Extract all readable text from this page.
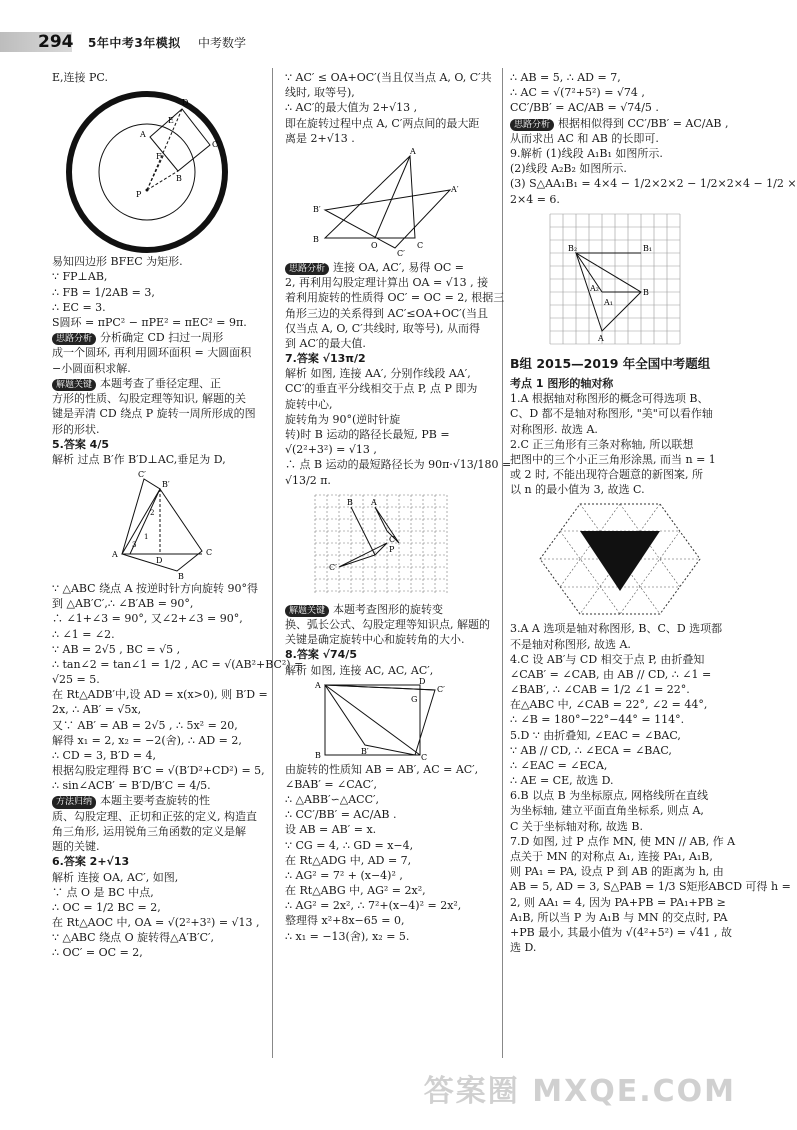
294 5年中考3年模拟 中考数学

E,连接 PC.

P
A
D
C
B
F
E

易知四边形 BFEC 为矩形.

∵ FP⊥AB,

∴ FB = 1/2AB = 3,

∴ EC = 3.

S圆环 = πPC² − πPE² = πEC² = 9π.

思路分析 分析确定 CD 扫过一周形

成一个圆环, 再利用圆环面积 = 大圆面积

−小圆面积求解.

解题关键 本题考查了垂径定理、正

方形的性质、勾股定理等知识, 解题的关

键是弄清 CD 绕点 P 旋转一周所形成的图

形的形状.

5.答案 4/5

解析 过点 B′作 B′D⊥AC,垂足为 D,

A
C′
B′
C
D
B
3
2
1

∵ △ABC 绕点 A 按逆时针方向旋转 90°得

到 △AB′C′,∴ ∠B′AB = 90°,

∴ ∠1+∠3 = 90°, 又∠2+∠3 = 90°,

∴ ∠1 = ∠2.

∵ AB = 2√5 , BC = √5 ,

∴ tan∠2 = tan∠1 = 1/2 , AC = √(AB²+BC²) =

√25 = 5.

在 Rt△ADB′中,设 AD = x(x>0), 则 B′D =

2x, ∴ AB′ = √5x,

又∵ AB′ = AB = 2√5 , ∴ 5x² = 20,

解得 x₁ = 2, x₂ = −2(舍), ∴ AD = 2,

∴ CD = 3, B′D = 4,

根据勾股定理得 B′C = √(B′D²+CD²) = 5,

∴ sin∠ACB′ = B′D/B′C = 4/5.

方法归纳 本题主要考查旋转的性

质、勾股定理、正切和正弦的定义, 构造直

角三角形, 运用锐角三角函数的定义是解

题的关键.

6.答案 2+√13

解析 连接 OA, AC′, 如图,

∵ 点 O 是 BC 中点,

∴ OC = 1/2 BC = 2,

在 Rt△AOC 中, OA = √(2²+3²) = √13 ,

∵ △ABC 绕点 O 旋转得△A′B′C′,

∴ OC′ = OC = 2,

∵ AC′ ≤ OA+OC′(当且仅当点 A, O, C′共

线时, 取等号),

∴ AC′的最大值为 2+√13 ,

即在旋转过程中点 A, C′两点间的最大距

离是 2+√13 .

A
B
O	C
A′
B′
C′

思路分析 连接 OA, AC′, 易得 OC =

2, 再利用勾股定理计算出 OA = √13 , 接

着利用旋转的性质得 OC′ = OC = 2, 根据三

角形三边的关系得到 AC′≤OA+OC′(当且

仅当点 A, O, C′共线时, 取等号), 从而得

到 AC′的最大值.

7.答案 √13π/2

解析 如图, 连接 AA′, 分别作线段 AA′,

CC′的垂直平分线相交于点 P, 点 P 即为

旋转中心,

旋转角为 90°(逆时针旋

转)时 B 运动的路径长最短, PB =

√(2²+3²) = √13 ,

∴ 点 B 运动的最短路径长为 90π·√13/180 =

√13/2 π.

B A
C
C′
P

解题关键 本题考查图形的旋转变

换、弧长公式、勾股定理等知识点, 解题的

关键是确定旋转中心和旋转角的大小.

8.答案 √74/5

解析 如图, 连接 AC, AC, AC′,

A	D
C′
B	C
B′
G

由旋转的性质知 AB = AB′, AC = AC′,

∠BAB′ = ∠CAC′,

∴ △ABB′∽△ACC′,

∴ CC′/BB′ = AC/AB .

设 AB = AB′ = x.

∵ CG = 4, ∴ GD = x−4,

在 Rt△ADG 中, AD = 7,

∴ AG² = 7² + (x−4)² ,

在 Rt△ABG 中, AG² = 2x²,

∴ AG² = 2x², ∴ 7²+(x−4)² = 2x²,

整理得 x²+8x−65 = 0,

∴ x₁ = −13(舍), x₂ = 5.

∴ AB = 5, ∴ AD = 7,

∴ AC = √(7²+5²) = √74 ,

CC′/BB′ = AC/AB = √74/5 .

思路分析 根据相似得到 CC′/BB′ = AC/AB ,

从而求出 AC 和 AB 的长即可.

9.解析 (1)线段 A₁B₁ 如图所示.

(2)线段 A₂B₂ 如图所示.

(3) S△AA₁B₁ = 4×4 − 1/2×2×2 − 1/2×2×4 − 1/2 ×

2×4 = 6.

B₂	B₁
A₂
A₁
B
A

B组 2015—2019 年全国中考题组

考点 1 图形的轴对称

1.A 根据轴对称图形的概念可得选项 B、

C、D 都不是轴对称图形, "美"可以看作轴

对称图形. 故选 A.

2.C 正三角形有三条对称轴, 所以联想

把图中的三个小正三角形涂黑, 而当 n = 1

或 2 时, 不能出现符合题意的新图案, 所

以 n 的最小值为 3, 故选 C.

3.A A 选项是轴对称图形, B、C、D 选项都

不是轴对称图形, 故选 A.

4.C 设 AB′与 CD 相交于点 P, 由折叠知

∠CAB′ = ∠CAB, 由 AB // CD, ∴ ∠1 =

∠BAB′, ∴ ∠CAB = 1/2 ∠1 = 22°.

在△ABC 中, ∠CAB = 22°, ∠2 = 44°,

∴ ∠B = 180°−22°−44° = 114°.

5.D ∵ 由折叠知, ∠EAC = ∠BAC,

∵ AB // CD, ∴ ∠ECA = ∠BAC,

∴ ∠EAC = ∠ECA,

∴ AE = CE, 故选 D.

6.B 以点 B 为坐标原点, 网格线所在直线

为坐标轴, 建立平面直角坐标系, 则点 A,

C 关于坐标轴对称, 故选 B.

7.D 如图, 过 P 点作 MN, 使 MN // AB, 作 A

点关于 MN 的对称点 A₁, 连接 PA₁, A₁B,

则 PA₁ = PA, 设点 P 到 AB 的距离为 h, 由

AB = 5, AD = 3, S△PAB = 1/3 S矩形ABCD 可得 h =

2, 则 AA₁ = 4, 因为 PA+PB = PA₁+PB ≥

A₁B, 所以当 P 为 A₁B 与 MN 的交点时, PA

+PB 最小, 其最小值为 √(4²+5²) = √41 , 故

选 D.

答案圈 MXQE.COM
